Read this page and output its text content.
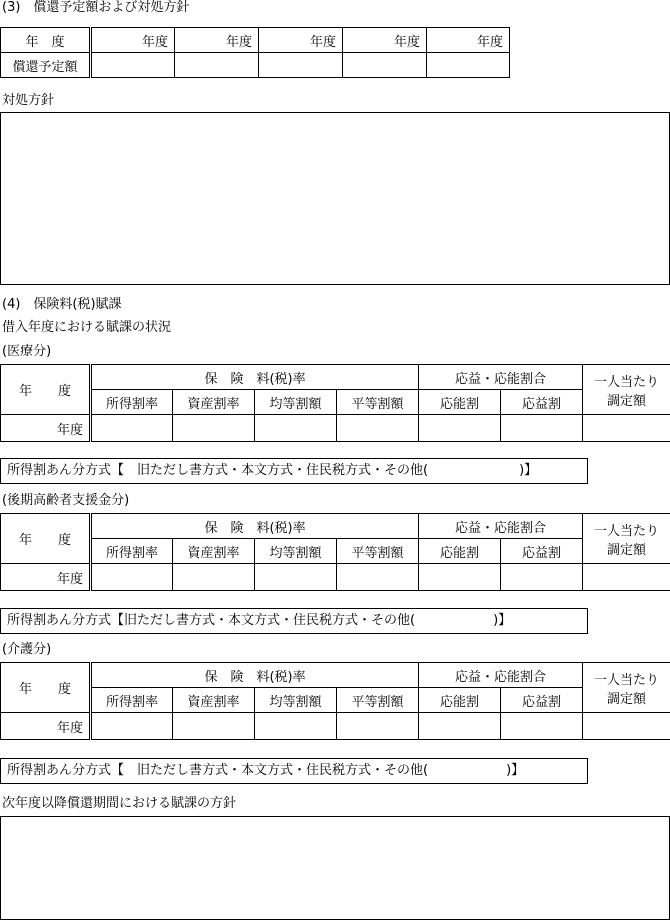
(3)　償還予定額および対処方針
年　度	年度	年度	年度	年度	年度
償還予定額					
対処方針
(4)　保険料(税)賦課
借入年度における賦課の状況
(医療分)
年　　度	保　険　料(税)率				応益・応能割合		一人当たり
調定額
	所得割率	資産割率	均等割額	平等割額	応能割	応益割	
年度							
所得割あん分方式【　旧ただし書方式・本文方式・住民税方式・その他(　　　　　　　)】
(後期高齢者支援金分)
年　　度	保　険　料(税)率				応益・応能割合		一人当たり
調定額
	所得割率	資産割率	均等割額	平等割額	応能割	応益割	
年度							
所得割あん分方式【旧ただし書方式・本文方式・住民税方式・その他(　　　　　　)】
(介護分)
年　　度	保　険　料(税)率				応益・応能割合		一人当たり
調定額
	所得割率	資産割率	均等割額	平等割額	応能割	応益割	
年度							
所得割あん分方式【　旧ただし書方式・本文方式・住民税方式・その他(　　　　　　)】
次年度以降償還期間における賦課の方針
